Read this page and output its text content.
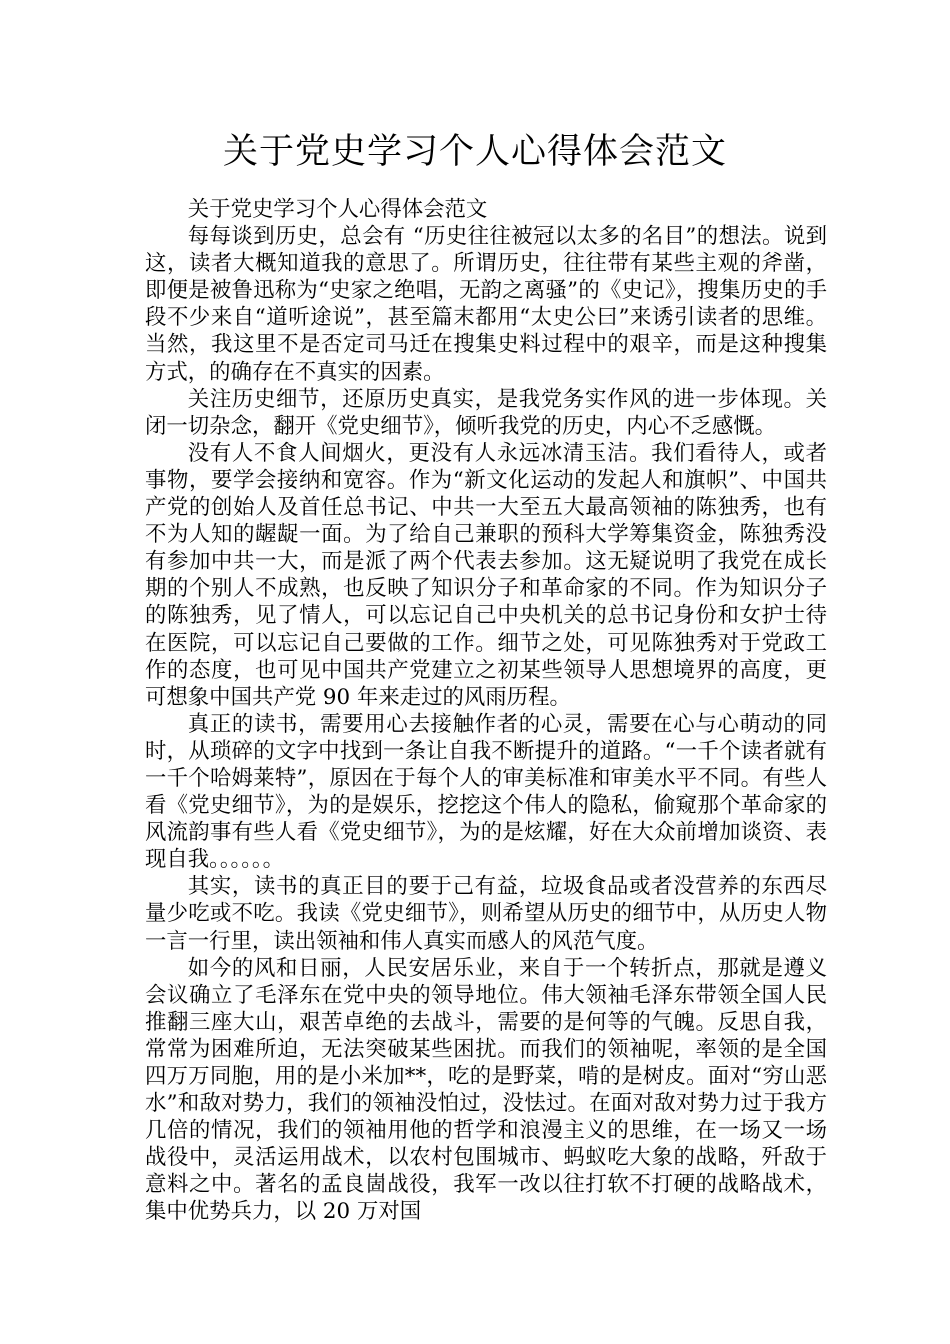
关于党史学习个人心得体会范文

关于党史学习个人心得体会范文

每每谈到历史，总会有 “历史往往被冠以太多的名目”的想法。说到这，读者大概知道我的意思了。所谓历史，往往带有某些主观的斧凿，即便是被鲁迅称为“史家之绝唱，无韵之离骚”的《史记》，搜集历史的手段不少来自“道听途说”，甚至篇末都用“太史公曰”来诱引读者的思维。当然，我这里不是否定司马迁在搜集史料过程中的艰辛，而是这种搜集方式，的确存在不真实的因素。

关注历史细节，还原历史真实，是我党务实作风的进一步体现。关闭一切杂念，翻开《党史细节》，倾听我党的历史，内心不乏感慨。

没有人不食人间烟火，更没有人永远冰清玉洁。我们看待人，或者事物，要学会接纳和宽容。作为“新文化运动的发起人和旗帜”、中国共产党的创始人及首任总书记、中共一大至五大最高领袖的陈独秀，也有不为人知的龌龊一面。为了给自己兼职的预科大学筹集资金，陈独秀没有参加中共一大，而是派了两个代表去参加。这无疑说明了我党在成长期的个别人不成熟，也反映了知识分子和革命家的不同。作为知识分子的陈独秀，见了情人，可以忘记自己中央机关的总书记身份和女护士待在医院，可以忘记自己要做的工作。细节之处，可见陈独秀对于党政工作的态度，也可见中国共产党建立之初某些领导人思想境界的高度，更可想象中国共产党 90 年来走过的风雨历程。

真正的读书，需要用心去接触作者的心灵，需要在心与心萌动的同时，从琐碎的文字中找到一条让自我不断提升的道路。“一千个读者就有一千个哈姆莱特”，原因在于每个人的审美标准和审美水平不同。有些人看《党史细节》，为的是娱乐，挖挖这个伟人的隐私，偷窥那个革命家的风流韵事有些人看《党史细节》，为的是炫耀，好在大众前增加谈资、表现自我。。。。。。

其实，读书的真正目的要于己有益，垃圾食品或者没营养的东西尽量少吃或不吃。我读《党史细节》，则希望从历史的细节中，从历史人物一言一行里，读出领袖和伟人真实而感人的风范气度。

如今的风和日丽，人民安居乐业，来自于一个转折点，那就是遵义会议确立了毛泽东在党中央的领导地位。伟大领袖毛泽东带领全国人民推翻三座大山，艰苦卓绝的去战斗，需要的是何等的气魄。反思自我，常常为困难所迫，无法突破某些困扰。而我们的领袖呢，率领的是全国四万万同胞，用的是小米加**，吃的是野菜，啃的是树皮。面对“穷山恶水”和敌对势力，我们的领袖没怕过，没怯过。在面对敌对势力过于我方几倍的情况，我们的领袖用他的哲学和浪漫主义的思维，在一场又一场战役中，灵活运用战术，以农村包围城市、蚂蚁吃大象的战略，歼敌于意料之中。著名的孟良崮战役，我军一改以往打软不打硬的战略战术，集中优势兵力，以 20 万对国
